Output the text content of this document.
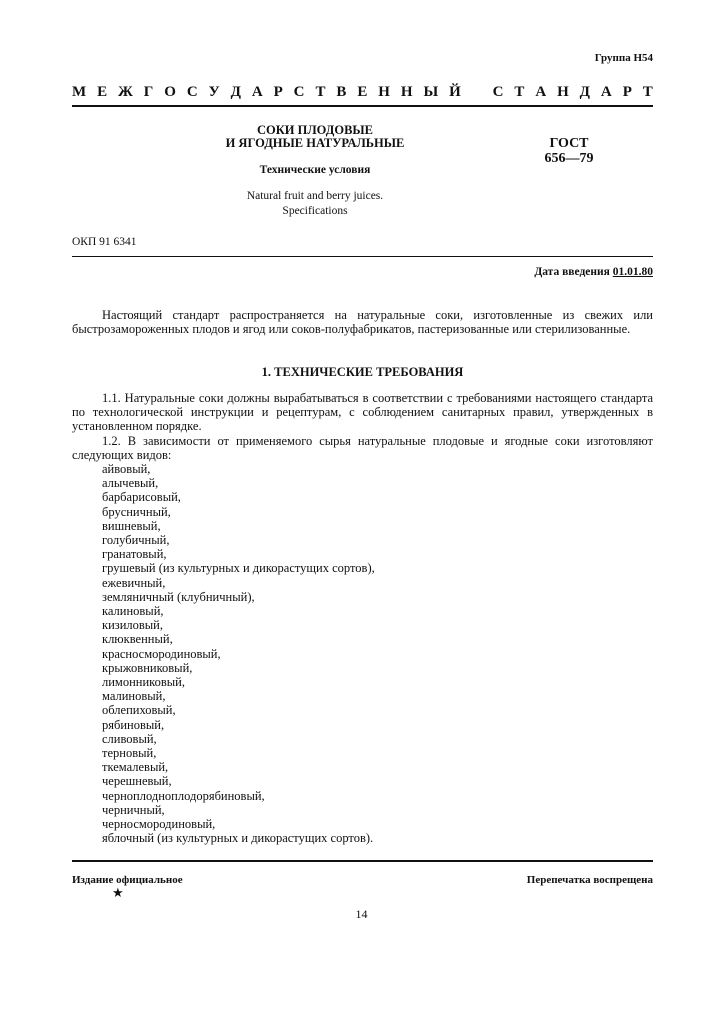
Группа Н54
М Е Ж Г О С У Д А Р С Т В Е Н Н Ы Й С Т А Н Д А Р Т
СОКИ ПЛОДОВЫЕ
И ЯГОДНЫЕ НАТУРАЛЬНЫЕ
Технические условия
Natural fruit and berry juices.
Specifications
ГОСТ
656—79
ОКП 91 6341
Дата введения 01.01.80

Настоящий стандарт распространяется на натуральные соки, изготовленные из свежих или быстрозамороженных плодов и ягод или соков-полуфабрикатов, пастеризованные или стерилизованные.

1. ТЕХНИЧЕСКИЕ ТРЕБОВАНИЯ

1.1. Натуральные соки должны вырабатываться в соответствии с требованиями настоящего стандарта по технологической инструкции и рецептурам, с соблюдением санитарных правил, утвержденных в установленном порядке.

1.2. В зависимости от применяемого сырья натуральные плодовые и ягодные соки изготовляют следующих видов:

айвовый,
алычевый,
барбарисовый,
брусничный,
вишневый,
голубичный,
гранатовый,
грушевый (из культурных и дикорастущих сортов),
ежевичный,
земляничный (клубничный),
калиновый,
кизиловый,
клюквенный,
красносмородиновый,
крыжовниковый,
лимонниковый,
малиновый,
облепиховый,
рябиновый,
сливовый,
терновый,
ткемалевый,
черешневый,
черноплодноплодорябиновый,
черничный,
черносмородиновый,
яблочный (из культурных и дикорастущих сортов).
Издание официальное	Перепечатка воспрещена
★
14
